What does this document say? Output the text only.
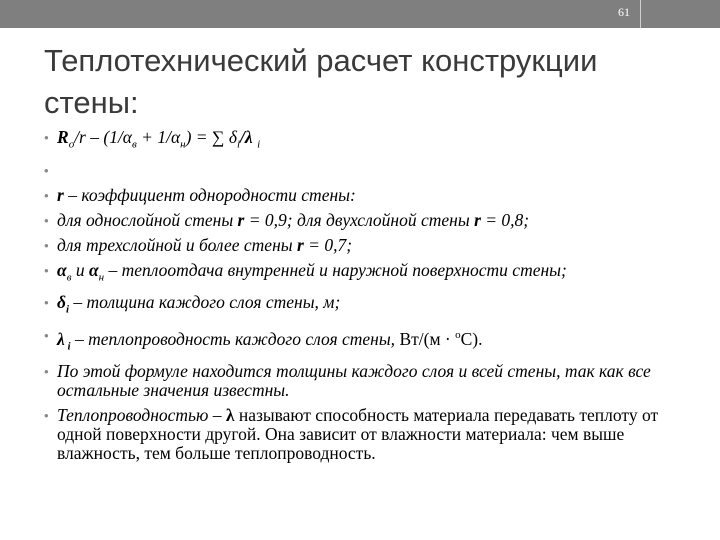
61
Теплотехнический расчет конструкции стены:
• $R_o/r - (1/\alpha_в + 1/\alpha_н)$ = ∑ $\delta_i/\lambda$ $_i$
•
• r – коэффициент однородности стены:
• для однослойной стены r = 0,9; для двухслойной стены r = 0,8;
• для трехслойной и более стены r = 0,7;
• $\alpha_в$ и $\alpha_н$ – теплоотдача внутренней и наружной поверхности стены;
• $\delta_i$ – толщина каждого слоя стены, м;
• λ $_i$ – теплопроводность каждого слоя стены, Вт/(м · $^o$С).
• По этой формуле находится толщины каждого слоя и всей стены, так как все остальные значения известны.
• Теплопроводностью – λ называют способность материала передавать теплоту от одной поверхности другой. Она зависит от влажности материала: чем выше влажность, тем больше теплопроводность.
